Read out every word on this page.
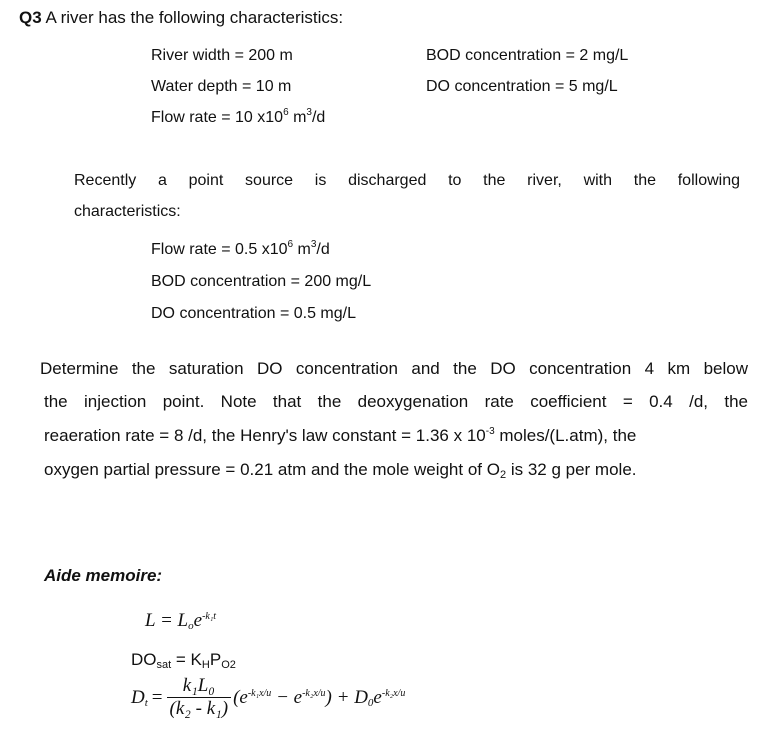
Q3 A river has the following characteristics:
River width = 200 m	BOD concentration = 2 mg/L
Water depth = 10 m	DO concentration = 5 mg/L
Flow rate = 10 $x10^6$ $m^3/d$
Recently a point source is discharged to the river, with the following
characteristics:
Flow rate = 0.5 $x10^6$ $m^3/d$
BOD concentration = 200 mg/L
DO concentration = 0.5 mg/L
Determine the saturation DO concentration and the DO concentration 4 km below
the injection point. Note that the deoxygenation rate coefficient = 0.4 /d, the
reaeration rate = 8 /d, the Henry's law constant = 1.36 x $10^{-3}$ moles/(L.atm), the
oxygen partial pressure = 0.21 atm and the mole weight of $O_2$ is 32 g per mole.
Aide memoire:
$L = L_oe^{-k_1t}$
$DO_{sat} = K_HP_{O2}$
$D_t = \frac{\text{k₁L₀}}{\text{(k₂ - k₁)}} (e^{-k_1x/u} - e^{-k_2x/u}) + D_0e^{-k_2x/u}$
